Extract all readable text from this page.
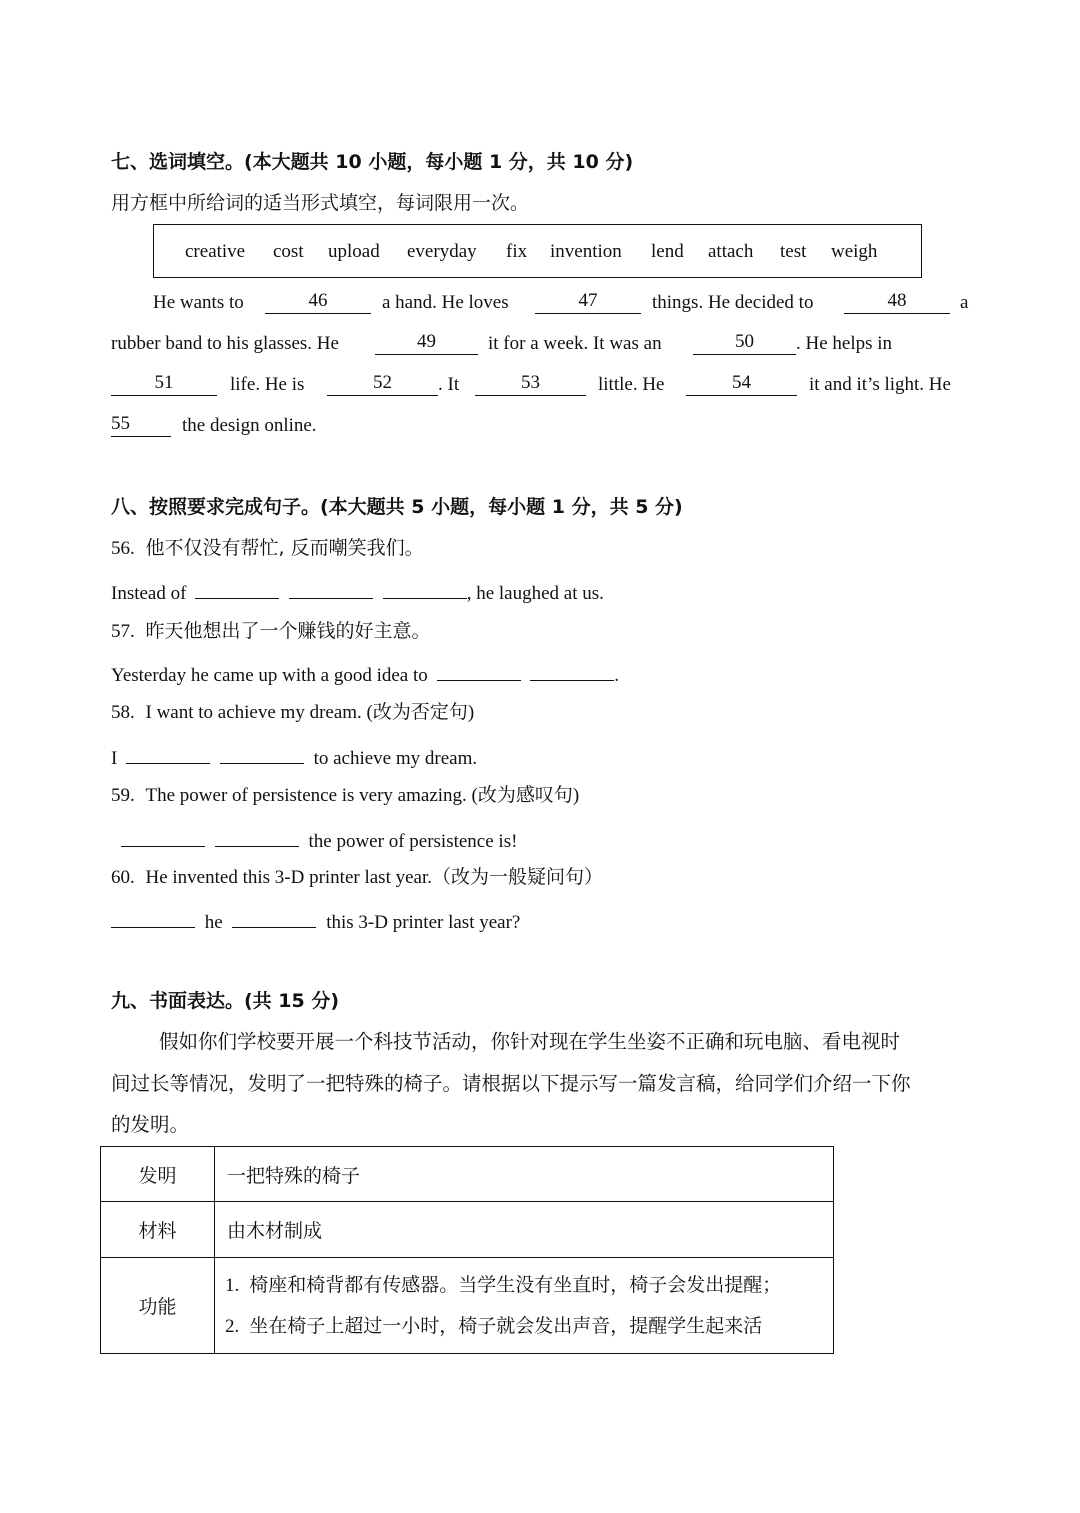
七、选词填空。(本大题共 10 小题，每小题 1 分，共 10 分)
用方框中所给词的适当形式填空，每词限用一次。
creative cost upload everyday fix invention lend attach test weigh
He wants to	46	a hand. He loves	47	things. He decided to	48	a
rubber band to his glasses. He	49	it for a week. It was an	50	. He helps in
51	life. He is	52	. It	53	little. He	54	it and it’s light. He
55	the design online.
八、按照要求完成句子。(本大题共 5 小题，每小题 1 分，共 5 分)
56. 他不仅没有帮忙, 反而嘲笑我们。
Instead of	, he laughed at us.
57. 昨天他想出了一个赚钱的好主意。
Yesterday he came up with a good idea to	.
58. I want to achieve my dream. (改为否定句)
I	to achieve my dream.
59. The power of persistence is very amazing. (改为感叹句)
the power of persistence is!
60. He invented this 3-D printer last year.（改为一般疑问句）
he	this 3-D printer last year?
九、书面表达。(共 15 分)
假如你们学校要开展一个科技节活动，你针对现在学生坐姿不正确和玩电脑、看电视时
间过长等情况，发明了一把特殊的椅子。请根据以下提示写一篇发言稿，给同学们介绍一下你
的发明。
发明	一把特殊的椅子
材料	由木材制成
功能	1. 椅座和椅背都有传感器。当学生没有坐直时，椅子会发出提醒；
2. 坐在椅子上超过一小时，椅子就会发出声音，提醒学生起来活
